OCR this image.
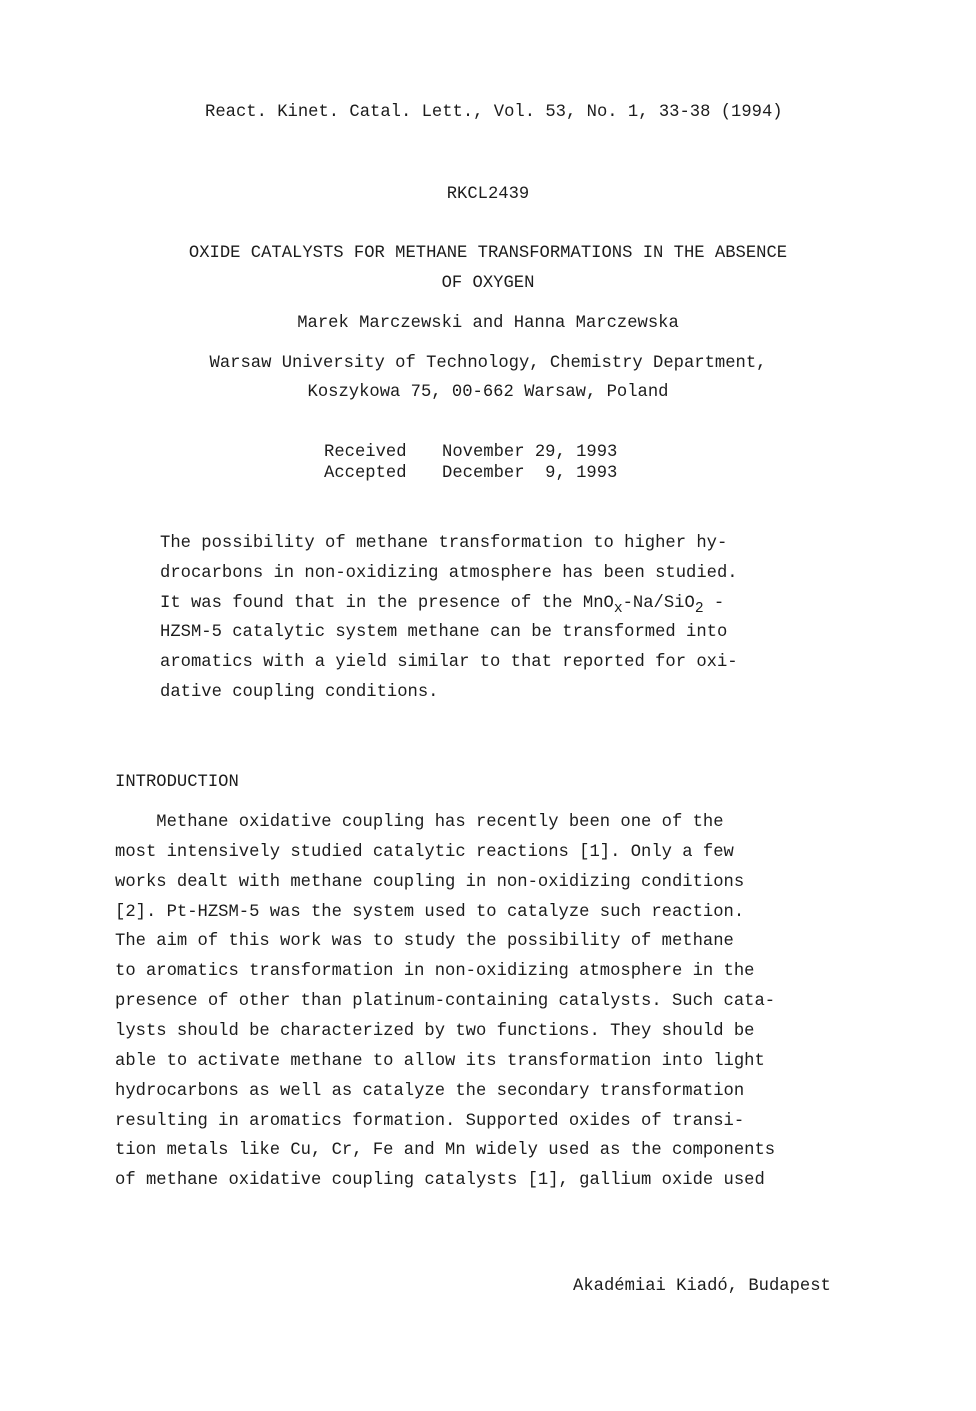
React. Kinet. Catal. Lett., Vol. 53, No. 1, 33-38 (1994)
RKCL2439
OXIDE CATALYSTS FOR METHANE TRANSFORMATIONS IN THE ABSENCE
OF OXYGEN
Marek Marczewski and Hanna Marczewska
Warsaw University of Technology, Chemistry Department,
Koszykowa 75, 00-662 Warsaw, Poland
Received November 29, 1993
Accepted December  9, 1993
The possibility of methane transformation to higher hy-
drocarbons in non-oxidizing atmosphere has been studied.
It was found that in the presence of the MnO$_x$-Na/SiO$_2$ -
HZSM-5 catalytic system methane can be transformed into
aromatics with a yield similar to that reported for oxi-
dative coupling conditions.
INTRODUCTION
Methane oxidative coupling has recently been one of the
most intensively studied catalytic reactions [1]. Only a few
works dealt with methane coupling in non-oxidizing conditions
[2]. Pt-HZSM-5 was the system used to catalyze such reaction.
The aim of this work was to study the possibility of methane
to aromatics transformation in non-oxidizing atmosphere in the
presence of other than platinum-containing catalysts. Such cata-
lysts should be characterized by two functions. They should be
able to activate methane to allow its transformation into light
hydrocarbons as well as catalyze the secondary transformation
resulting in aromatics formation. Supported oxides of transi-
tion metals like Cu, Cr, Fe and Mn widely used as the components
of methane oxidative coupling catalysts [1], gallium oxide used
Akadémiai Kiadó, Budapest
